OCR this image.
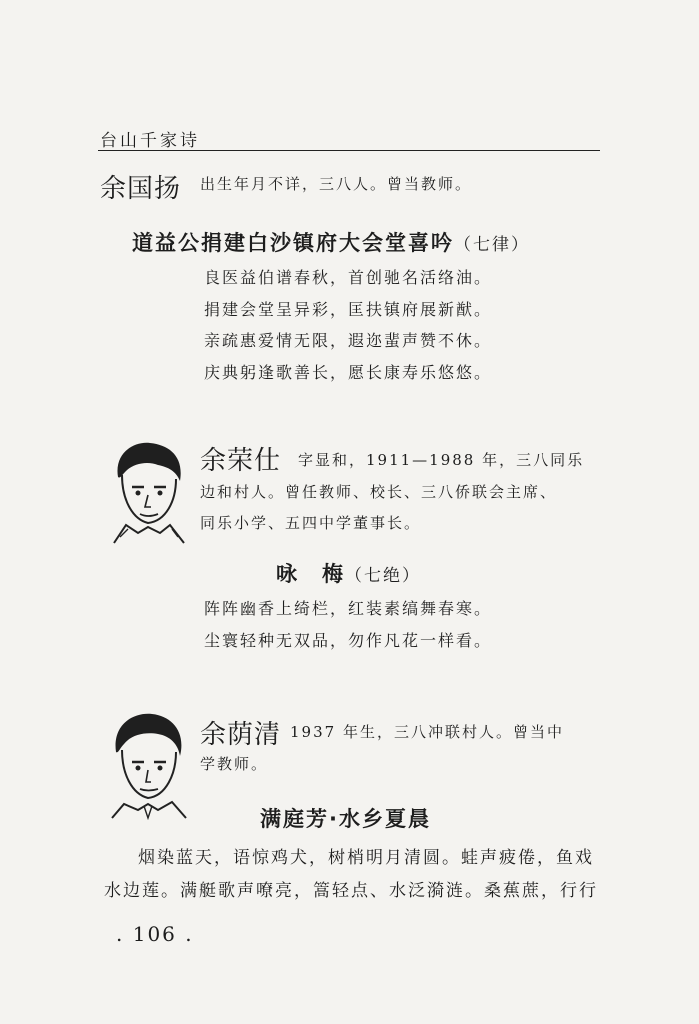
台山千家诗
余国扬 出生年月不详，三八人。曾当教师。
道益公捐建白沙镇府大会堂喜吟（七律）
良医益伯谱春秋，首创驰名活络油。
捐建会堂呈异彩，匡扶镇府展新猷。
亲疏惠爱情无限，遐迩蜚声赞不休。
庆典躬逢歌善长，愿长康寿乐悠悠。
余荣仕 字显和，1911—1988 年，三八同乐
边和村人。曾任教师、校长、三八侨联会主席、
同乐小学、五四中学董事长。
咏　梅（七绝）
阵阵幽香上绮栏，红装素缟舞春寒。
尘寰轻种无双品，勿作凡花一样看。
余荫清 1937 年生，三八冲联村人。曾当中
学教师。
满庭芳·水乡夏晨
烟染蓝天，语惊鸡犬，树梢明月清圆。蛙声疲倦，鱼戏
水边莲。满艇歌声嘹亮，篙轻点、水泛漪涟。桑蕉蔗，行行
. 106 .
